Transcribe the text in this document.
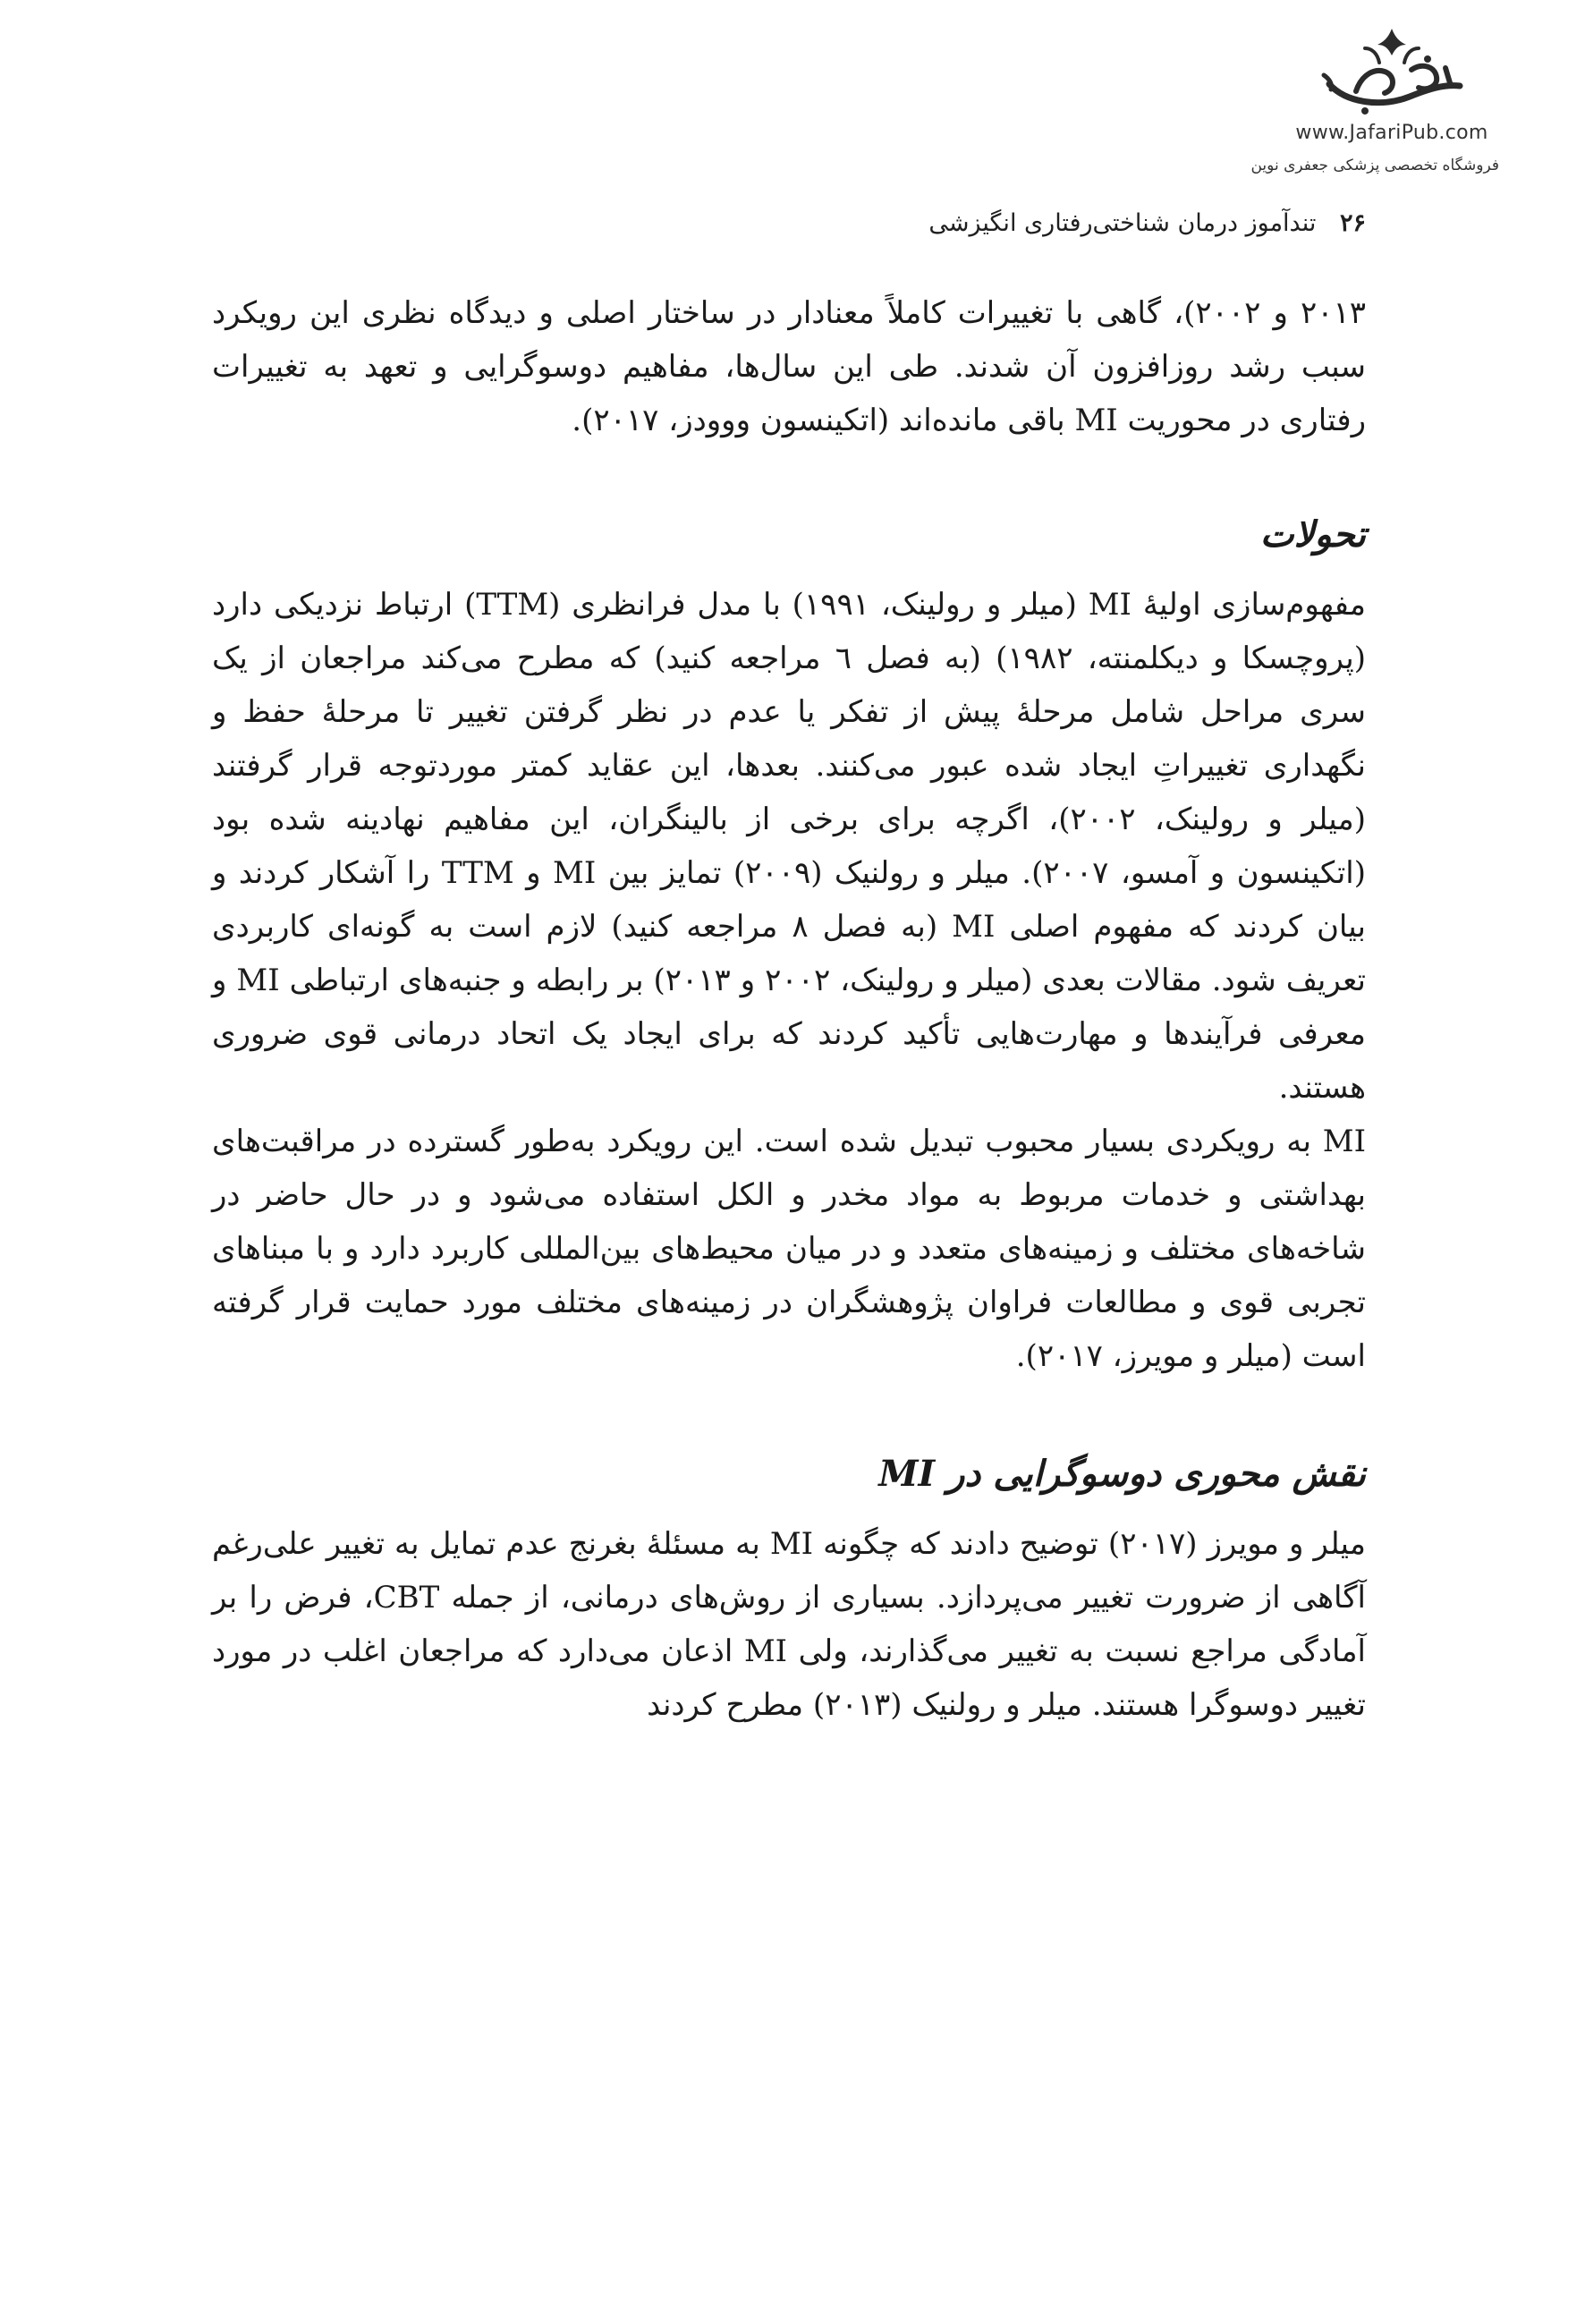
www.JafariPub.com
فروشگاه تخصصی پزشکی جعفری نوین
۲۶ تندآموز درمان شناختی‌رفتاری انگیزشی

۲۰۱۳ و ۲۰۰۲)، گاهی با تغییرات کاملاً معنادار در ساختار اصلی و دیدگاه نظری این رویکرد سبب رشد روزافزون آن شدند. طی این سال‌ها، مفاهیم دوسوگرایی و تعهد به تغییرات رفتاری در محوریت MI باقی مانده‌اند (اتکینسون ووودز، ۲۰۱۷).

تحولات

مفهوم‌سازی اولیهٔ MI (میلر و رولینک، ۱۹۹۱) با مدل فرانظری (TTM) ارتباط نزدیکی دارد (پروچسکا و دیکلمنته، ۱۹۸۲) (به فصل ٦ مراجعه کنید) که مطرح می‌کند مراجعان از یک سری مراحل شامل مرحلهٔ پیش از تفکر یا عدم در نظر گرفتن تغییر تا مرحلهٔ حفظ و نگهداری تغییراتِ ایجاد شده عبور می‌کنند. بعدها، این عقاید کمتر موردتوجه قرار گرفتند (میلر و رولینک، ۲۰۰۲)، اگرچه برای برخی از بالینگران، این مفاهیم نهادینه شده بود (اتکینسون و آمسو، ۲۰۰۷). میلر و رولنیک (۲۰۰۹) تمایز بین MI و TTM را آشکار کردند و بیان کردند که مفهوم اصلی MI (به فصل ۸ مراجعه کنید) لازم است به گونه‌ای کاربردی تعریف شود. مقالات بعدی (میلر و رولینک، ۲۰۰۲ و ۲۰۱۳) بر رابطه و جنبه‌های ارتباطی MI و معرفی فرآیندها و مهارت‌هایی تأکید کردند که برای ایجاد یک اتحاد درمانی قوی ضروری هستند.

MI به رویکردی بسیار محبوب تبدیل شده است. این رویکرد به‌طور گسترده در مراقبت‌های بهداشتی و خدمات مربوط به مواد مخدر و الکل استفاده می‌شود و در حال حاضر در شاخه‌های مختلف و زمینه‌های متعدد و در میان محیط‌های بین‌المللی کاربرد دارد و با مبناهای تجربی قوی و مطالعات فراوان پژوهشگران در زمینه‌های مختلف مورد حمایت قرار گرفته است (میلر و مویرز، ۲۰۱۷).

نقش محوری دوسوگرایی در MI

میلر و مویرز (۲۰۱۷) توضیح دادند که چگونه MI به مسئلهٔ بغرنج عدم تمایل به تغییر علی‌رغم آگاهی از ضرورت تغییر می‌پردازد. بسیاری از روش‌های درمانی، از جمله CBT، فرض را بر آمادگی مراجع نسبت به تغییر می‌گذارند، ولی MI اذعان می‌دارد که مراجعان اغلب در مورد تغییر دوسوگرا هستند. میلر و رولنیک (۲۰۱۳) مطرح کردند
